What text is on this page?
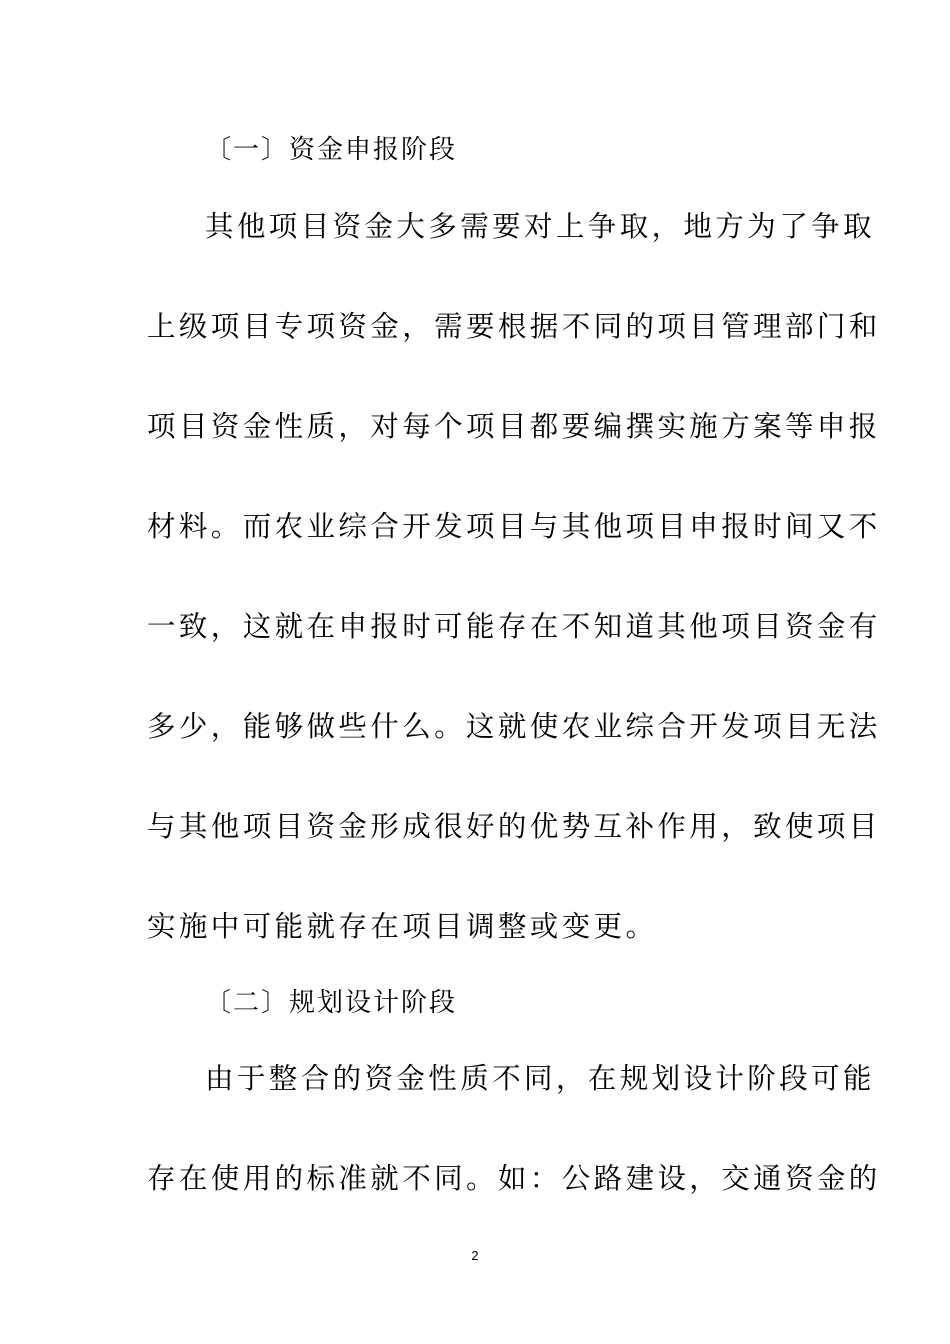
〔一〕资金申报阶段
其他项目资金大多需要对上争取，地方为了争取
上级项目专项资金，需要根据不同的项目管理部门和
项目资金性质，对每个项目都要编撰实施方案等申报
材料。而农业综合开发项目与其他项目申报时间又不
一致，这就在申报时可能存在不知道其他项目资金有
多少，能够做些什么。这就使农业综合开发项目无法
与其他项目资金形成很好的优势互补作用，致使项目
实施中可能就存在项目调整或变更。
〔二〕规划设计阶段
由于整合的资金性质不同，在规划设计阶段可能
存在使用的标准就不同。如：公路建设，交通资金的
2
